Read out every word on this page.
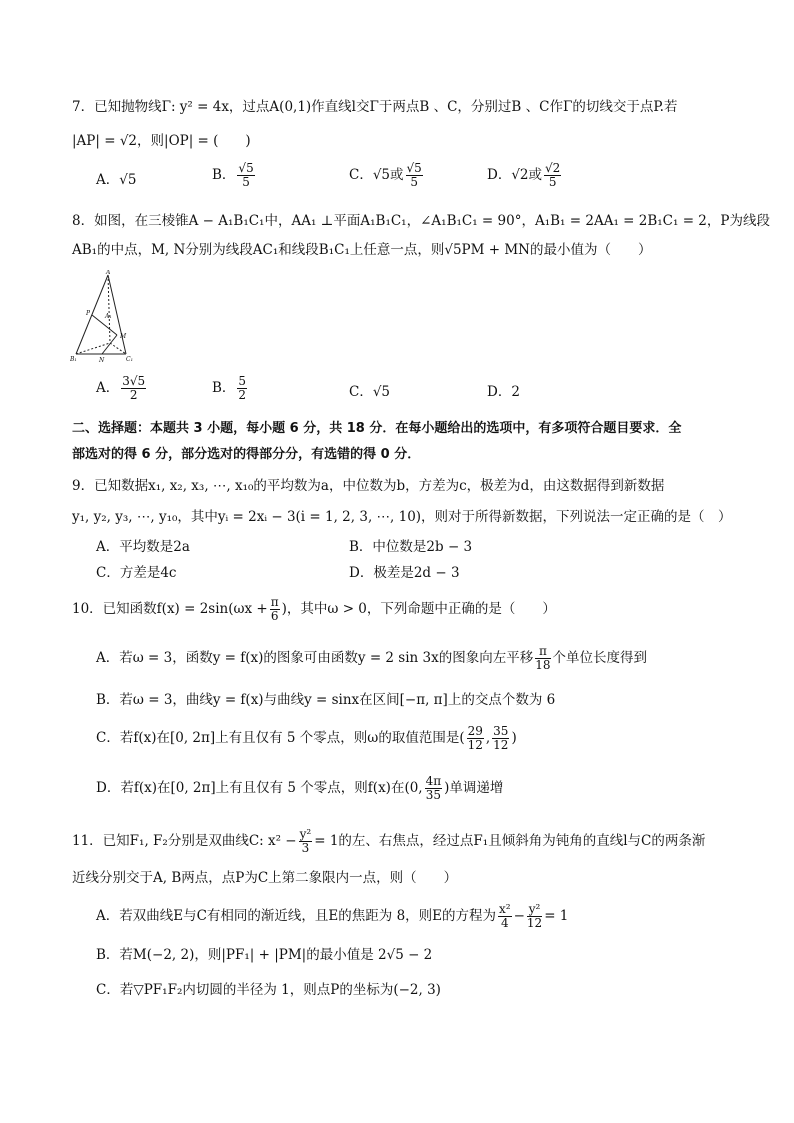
7．已知抛物线Γ: y² = 4x，过点A(0,1)作直线l交Γ于两点B 、C，分别过B 、C作Γ的切线交于点P.若
|AP| = √2，则|OP| = (　　)
A．√5	B． $\frac{√5}{5}$	C．√5或 $\frac{√5}{5}$	D．√2或 $\frac{√2}{5}$
8．如图，在三棱锥A − A₁B₁C₁中，AA₁ ⊥平面A₁B₁C₁，∠A₁B₁C₁ = 90°，A₁B₁ = 2AA₁ = 2B₁C₁ = 2，P为线段
AB₁的中点，M, N分别为线段AC₁和线段B₁C₁上任意一点，则√5PM + MN的最小值为（　　）
A
P A₁
M
B₁	N	C₁
A． $\frac{3√5}{2}$	B． $\frac{5}{2}$	C．√5	D．2
二、选择题：本题共 3 小题，每小题 6 分，共 18 分．在每小题给出的选项中，有多项符合题目要求．全
部选对的得 6 分，部分选对的得部分分，有选错的得 0 分．
9．已知数据x₁, x₂, x₃, ⋯, x₁₀的平均数为a，中位数为b，方差为c，极差为d，由这数据得到新数据
y₁, y₂, y₃, ⋯, y₁₀，其中yᵢ = 2xᵢ − 3(i = 1, 2, 3, ⋯, 10)，则对于所得新数据，下列说法一定正确的是（　）
A．平均数是2a	B．中位数是2b − 3
C．方差是4c	D．极差是2d − 3
10．已知函数$f(x) = 2\sin(\omega x + \frac{\pi}{6}$ )，其中ω > 0，下列命题中正确的是（　　）
A．若ω = 3，函数y = f(x)的图象可由函数y = 2 sin 3x的图象向左平移 $\frac{\pi}{18}$ 个单位长度得到
B．若ω = 3，曲线y = f(x)与曲线y = sinx在区间[−π, π]上的交点个数为 6
C．若f(x)在[0, 2π]上有且仅有 5 个零点，则ω的取值范围是( $\frac{29}{12}$ , $\frac{35}{12}$ )
D．若f(x)在[0, 2π]上有且仅有 5 个零点，则f(x)在(0, $\frac{4\pi}{35}$ )单调递增
11．已知F₁, F₂分别是双曲线C: $x^2 - \frac{\text{y²}}{3} = 1$的左、右焦点，经过点F₁且倾斜角为钝角的直线l与C的两条渐
近线分别交于A, B两点，点P为C上第二象限内一点，则（　　）
A．若双曲线E与C有相同的渐近线，且E的焦距为 8，则E的方程为 $\frac{\text{x²}}{4} - \frac{\text{y²}}{12} = 1$
B．若M(−2, 2)，则|PF₁| + |PM|的最小值是 2√5 − 2
C．若▽PF₁F₂内切圆的半径为 1，则点P的坐标为(−2, 3)
